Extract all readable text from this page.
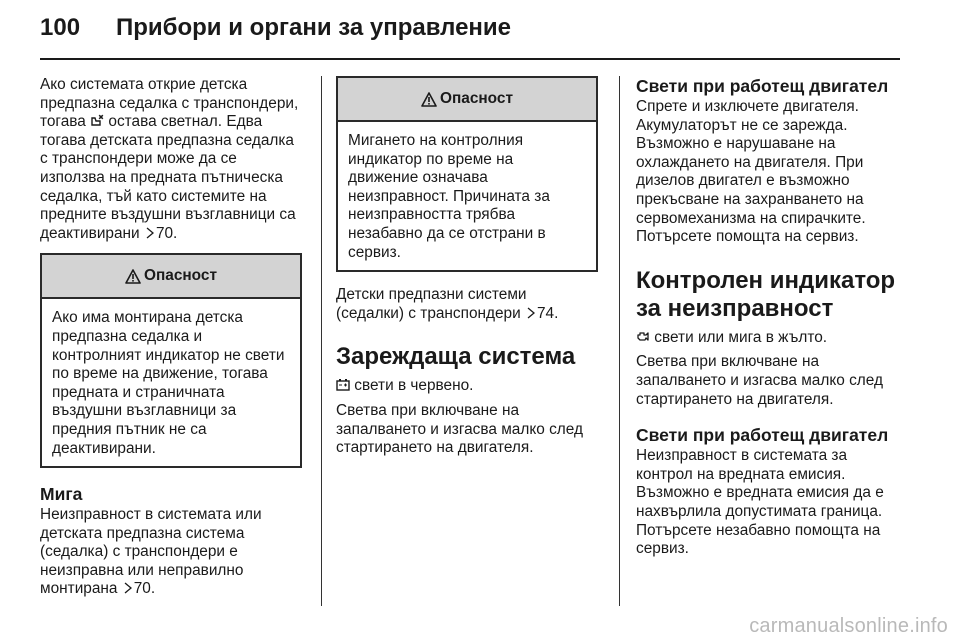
100 Прибори и органи за управление

Ако системата открие детска предпазна седалка с транспондери, тогава остава светнал. Едва тогава детската предпазна седалка с транспондери може да се използва на предната пътническа седалка, тъй като системите на предните въздушни възглавници са деактивирани 70.

Опасност
Ако има монтирана детска предпазна седалка и контролният индикатор не свети по време на движение, тогава предната и страничната въздушни възглавници за предния пътник не са деактивирани.
Мига

Неизправност в системата или детската предпазна система (седалка) с транспондери е неизправна или неправилно монтирана 70.

Опасност
Мигането на контролния индикатор по време на движение означава неизправност. Причината за неизправността трябва незабавно да се отстрани в сервиз.

Детски предпазни системи (седалки) с транспондери 74.

Зареждаща система

свети в червено.

Светва при включване на запалването и изгасва малко след стартирането на двигателя.

Свети при работещ двигател

Спрете и изключете двигателя. Акумулаторът не се зарежда. Възможно е нарушаване на охлаждането на двигателя. При дизелов двигател е възможно прекъсване на захранването на сервомеханизма на спирачките. Потърсете помощта на сервиз.

Контролен индикатор за неизправност

свети или мига в жълто.

Светва при включване на запалването и изгасва малко след стартирането на двигателя.

Свети при работещ двигател

Неизправност в системата за контрол на вредната емисия. Възможно е вредната емисия да е нахвърлила допустимата граница. Потърсете незабавно помощта на сервиз.

carmanualsonline.info
